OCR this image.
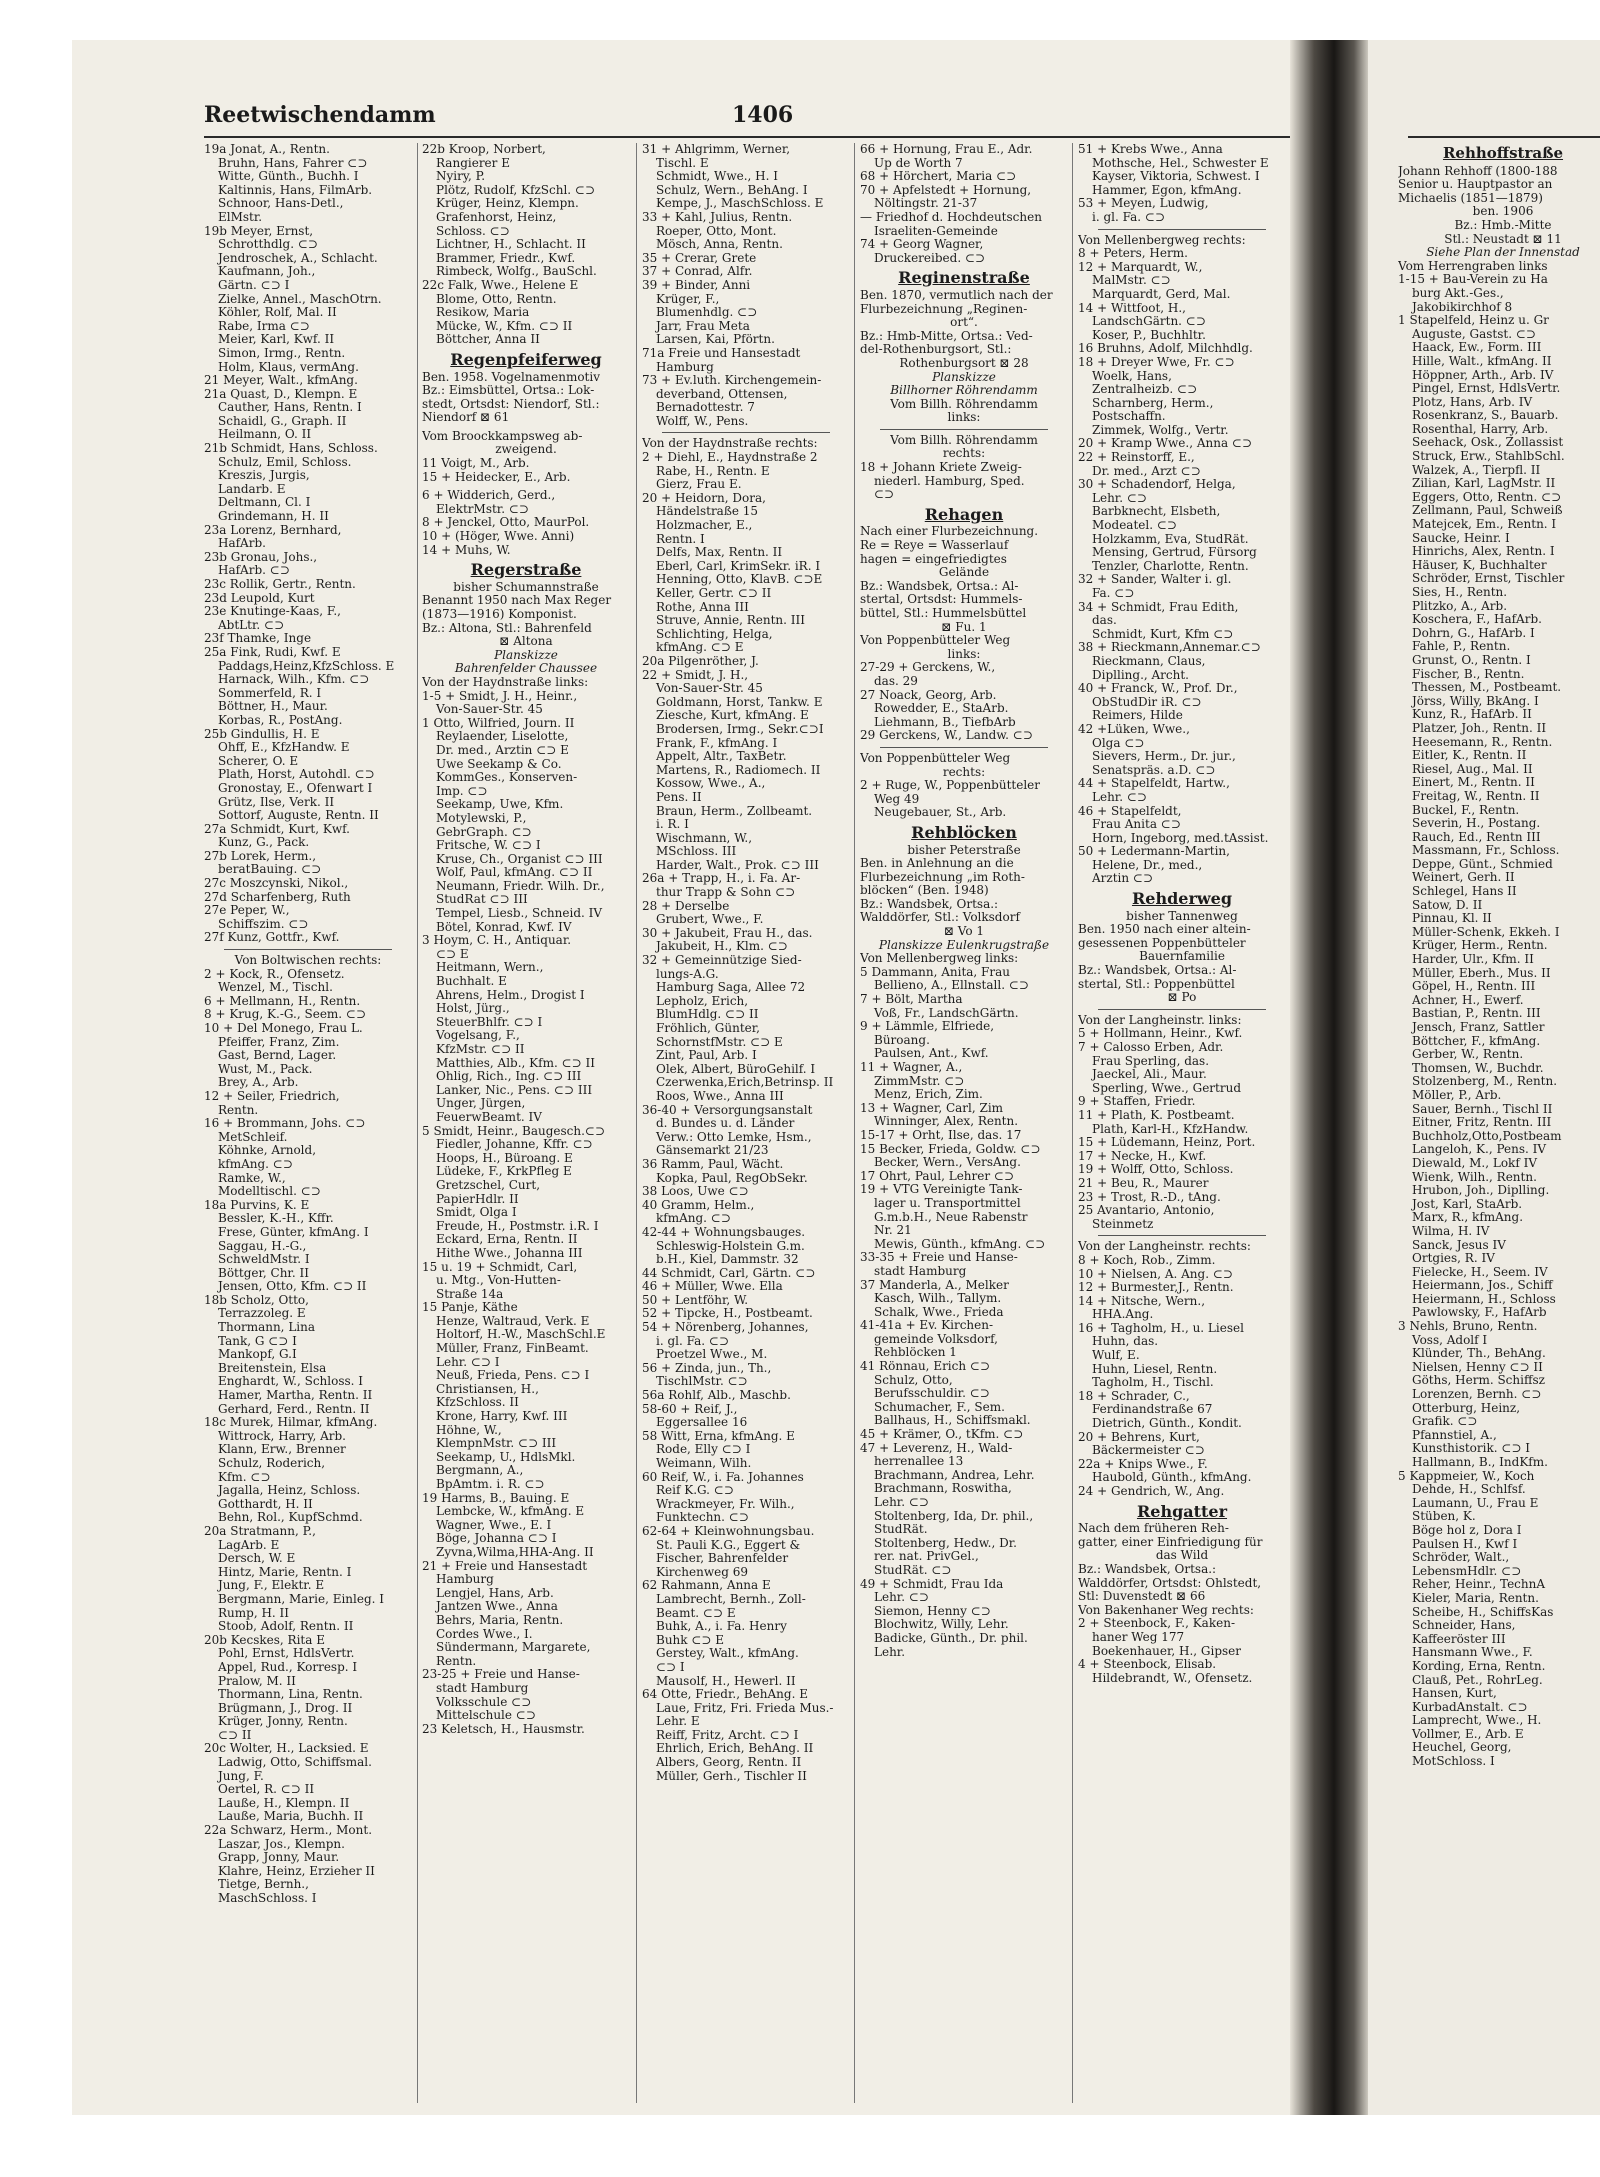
Reetwischendamm	1406
19a Jonat, A., Rentn.
Bruhn, Hans, Fahrer ⊂⊃
Witte, Günth., Buchh. I
Kaltinnis, Hans, FilmArb.
Schnoor, Hans-Detl.,
ElMstr.
19b Meyer, Ernst,
Schrotthdlg. ⊂⊃
Jendroschek, A., Schlacht.
Kaufmann, Joh.,
Gärtn. ⊂⊃ I
Zielke, Annel., MaschOtrn.
Köhler, Rolf, Mal. II
Rabe, Irma ⊂⊃
Meier, Karl, Kwf. II
Simon, Irmg., Rentn.
Holm, Klaus, vermAng.
21 Meyer, Walt., kfmAng.
21a Quast, D., Klempn. E
Cauther, Hans, Rentn. I
Schaidl, G., Graph. II
Heilmann, O. II
21b Schmidt, Hans, Schloss.
Schulz, Emil, Schloss.
Kreszis, Jurgis,
Landarb. E
Deltmann, Cl. I
Grindemann, H. II
23a Lorenz, Bernhard,
HafArb.
23b Gronau, Johs.,
HafArb. ⊂⊃
23c Rollik, Gertr., Rentn.
23d Leupold, Kurt
23e Knutinge-Kaas, F.,
AbtLtr. ⊂⊃
23f Thamke, Inge
25a Fink, Rudi, Kwf. E
Paddags,Heinz,KfzSchloss. E
Harnack, Wilh., Kfm. ⊂⊃
Sommerfeld, R. I
Böttner, H., Maur.
Korbas, R., PostAng.
25b Gindullis, H. E
Ohff, E., KfzHandw. E
Scherer, O. E
Plath, Horst, Autohdl. ⊂⊃
Gronostay, E., Ofenwart I
Grütz, Ilse, Verk. II
Sottorf, Auguste, Rentn. II
27a Schmidt, Kurt, Kwf.
Kunz, G., Pack.
27b Lorek, Herm.,
beratBauing. ⊂⊃
27c Moszcynski, Nikol.,
27d Scharfenberg, Ruth
27e Peper, W.,
Schiffszim. ⊂⊃
27f Kunz, Gottfr., Kwf.
Von Boltwischen rechts:
2 + Kock, R., Ofensetz.
Wenzel, M., Tischl.
6 + Mellmann, H., Rentn.
8 + Krug, K.-G., Seem. ⊂⊃
10 + Del Monego, Frau L.
Pfeiffer, Franz, Zim.
Gast, Bernd, Lager.
Wust, M., Pack.
Brey, A., Arb.
12 + Seiler, Friedrich,
Rentn.
16 + Brommann, Johs. ⊂⊃
MetSchleif.
Köhnke, Arnold,
kfmAng. ⊂⊃
Ramke, W.,
Modelltischl. ⊂⊃
18a Purvins, K. E
Bessler, K.-H., Kffr.
Frese, Günter, kfmAng. I
Saggau, H.-G.,
SchweldMstr. I
Böttger, Chr. II
Jensen, Otto, Kfm. ⊂⊃ II
18b Scholz, Otto,
Terrazzoleg. E
Thormann, Lina
Tank, G ⊂⊃ I
Mankopf, G.I
Breitenstein, Elsa
Enghardt, W., Schloss. I
Hamer, Martha, Rentn. II
Gerhard, Ferd., Rentn. II
18c Murek, Hilmar, kfmAng.
Wittrock, Harry, Arb.
Klann, Erw., Brenner
Schulz, Roderich,
Kfm. ⊂⊃
Jagalla, Heinz, Schloss.
Gotthardt, H. II
Behn, Rol., KupfSchmd.
20a Stratmann, P.,
LagArb. E
Dersch, W. E
Hintz, Marie, Rentn. I
Jung, F., Elektr. E
Bergmann, Marie, Einleg. I
Rump, H. II
Stoob, Adolf, Rentn. II
20b Kecskes, Rita E
Pohl, Ernst, HdlsVertr.
Appel, Rud., Korresp. I
Pralow, M. II
Thormann, Lina, Rentn.
Brügmann, J., Drog. II
Krüger, Jonny, Rentn.
⊂⊃ II
20c Wolter, H., Lacksied. E
Ladwig, Otto, Schiffsmal.
Jung, F.
Oertel, R. ⊂⊃ II
Lauße, H., Klempn. II
Lauße, Maria, Buchh. II
22a Schwarz, Herm., Mont.
Laszar, Jos., Klempn.
Grapp, Jonny, Maur.
Klahre, Heinz, Erzieher II
Tietge, Bernh.,
MaschSchloss. I
22b Kroop, Norbert,
Rangierer E
Nyiry, P.
Plötz, Rudolf, KfzSchl. ⊂⊃
Krüger, Heinz, Klempn.
Grafenhorst, Heinz,
Schloss. ⊂⊃
Lichtner, H., Schlacht. II
Brammer, Friedr., Kwf.
Rimbeck, Wolfg., BauSchl.
22c Falk, Wwe., Helene E
Blome, Otto, Rentn.
Resikow, Maria
Mücke, W., Kfm. ⊂⊃ II
Böttcher, Anna II
Regenpfeiferweg
Ben. 1958. Vogelnamenmotiv
Bz.: Eimsbüttel, Ortsa.: Lok-
stedt, Ortsdst: Niendorf, Stl.:
Niendorf ⊠ 61
Vom Broockkampsweg ab-
zweigend.
11 Voigt, M., Arb.
15 + Heidecker, E., Arb.
6 + Widderich, Gerd.,
ElektrMstr. ⊂⊃
8 + Jenckel, Otto, MaurPol.
10 + (Höger, Wwe. Anni)
14 + Muhs, W.
Regerstraße
bisher Schumannstraße
Benannt 1950 nach Max Reger
(1873—1916) Komponist.
Bz.: Altona, Stl.: Bahrenfeld
⊠ Altona
Planskizze
Bahrenfelder Chaussee
Von der Haydnstraße links:
1-5 + Smidt, J. H., Heinr.,
Von-Sauer-Str. 45
1 Otto, Wilfried, Journ. II
Reylaender, Liselotte,
Dr. med., Ärztin ⊂⊃ E
Uwe Seekamp & Co.
KommGes., Konserven-
Imp. ⊂⊃
Seekamp, Uwe, Kfm.
Motylewski, P.,
GebrGraph. ⊂⊃
Fritsche, W. ⊂⊃ I
Kruse, Ch., Organist ⊂⊃ III
Wolf, Paul, kfmAng. ⊂⊃ II
Neumann, Friedr. Wilh. Dr.,
StudRat ⊂⊃ III
Tempel, Liesb., Schneid. IV
Bötel, Konrad, Kwf. IV
3 Hoym, C. H., Antiquar.
⊂⊃ E
Heitmann, Wern.,
Buchhalt. E
Ahrens, Helm., Drogist I
Holst, Jürg.,
SteuerBhlfr. ⊂⊃ I
Vogelsang, F.,
KfzMstr. ⊂⊃ II
Matthies, Alb., Kfm. ⊂⊃ II
Ohlig, Rich., Ing. ⊂⊃ III
Lanker, Nic., Pens. ⊂⊃ III
Unger, Jürgen,
FeuerwBeamt. IV
5 Smidt, Heinr., Baugesch.⊂⊃
Fiedler, Johanne, Kffr. ⊂⊃
Hoops, H., Büroang. E
Lüdeke, F., KrkPfleg E
Gretzschel, Curt,
PapierHdlr. II
Smidt, Olga I
Freude, H., Postmstr. i.R. I
Eckard, Erna, Rentn. II
Hithe Wwe., Johanna III
15 u. 19 + Schmidt, Carl,
u. Mtg., Von-Hutten-
Straße 14a
15 Panje, Käthe
Henze, Waltraud, Verk. E
Holtorf, H.-W., MaschSchl.E
Müller, Franz, FinBeamt.
Lehr. ⊂⊃ I
Neuß, Frieda, Pens. ⊂⊃ I
Christiansen, H.,
KfzSchloss. II
Krone, Harry, Kwf. III
Höhne, W.,
KlempnMstr. ⊂⊃ III
Seekamp, U., HdlsMkl.
Bergmann, A.,
BpAmtm. i. R. ⊂⊃
19 Harms, B., Bauing. E
Lembcke, W., kfmAng. E
Wagner, Wwe., E. I
Böge, Johanna ⊂⊃ I
Zyvna,Wilma,HHA-Ang. II
21 + Freie und Hansestadt
Hamburg
Lengjel, Hans, Arb.
Jantzen Wwe., Anna
Behrs, Maria, Rentn.
Cordes Wwe., I.
Sündermann, Margarete,
Rentn.
23-25 + Freie und Hanse-
stadt Hamburg
Volksschule ⊂⊃
Mittelschule ⊂⊃
23 Keletsch, H., Hausmstr.
31 + Ahlgrimm, Werner,
Tischl. E
Schmidt, Wwe., H. I
Schulz, Wern., BehAng. I
Kempe, J., MaschSchloss. E
33 + Kahl, Julius, Rentn.
Roeper, Otto, Mont.
Mösch, Anna, Rentn.
35 + Crerar, Grete
37 + Conrad, Alfr.
39 + Binder, Anni
Krüger, F.,
Blumenhdlg. ⊂⊃
Jarr, Frau Meta
Larsen, Kai, Pförtn.
71a Freie und Hansestadt
Hamburg
73 + Ev.luth. Kirchengemein-
deverband, Ottensen,
Bernadottestr. 7
Wolff, W., Pens.
Von der Haydnstraße rechts:
2 + Diehl, E., Haydnstraße 2
Rabe, H., Rentn. E
Gierz, Frau E.
20 + Heidorn, Dora,
Händelstraße 15
Holzmacher, E.,
Rentn. I
Delfs, Max, Rentn. II
Eberl, Carl, KrimSekr. iR. I
Henning, Otto, KlavB. ⊂⊃E
Keller, Gertr. ⊂⊃ II
Rothe, Anna III
Struve, Annie, Rentn. III
Schlichting, Helga,
kfmAng. ⊂⊃ E
20a Pilgenröther, J.
22 + Smidt, J. H.,
Von-Sauer-Str. 45
Goldmann, Horst, Tankw. E
Ziesche, Kurt, kfmAng. E
Brodersen, Irmg., Sekr.⊂⊃I
Frank, F., kfmAng. I
Appelt, Altr., TaxBetr.
Martens, R., Radiomech. II
Kossow, Wwe., A.,
Pens. II
Braun, Herm., Zollbeamt.
i. R. I
Wischmann, W.,
MSchloss. III
Harder, Walt., Prok. ⊂⊃ III
26a + Trapp, H., i. Fa. Ar-
thur Trapp & Sohn ⊂⊃
28 + Derselbe
Grubert, Wwe., F.
30 + Jakubeit, Frau H., das.
Jakubeit, H., Klm. ⊂⊃
32 + Gemeinnützige Sied-
lungs-A.G.
Hamburg Saga, Allee 72
Lepholz, Erich,
BlumHdlg. ⊂⊃ II
Fröhlich, Günter,
SchornstfMstr. ⊂⊃ E
Zint, Paul, Arb. I
Olek, Albert, BüroGehilf. I
Czerwenka,Erich,Betrinsp. II
Roos, Wwe., Anna III
36-40 + Versorgungsanstalt
d. Bundes u. d. Länder
Verw.: Otto Lemke, Hsm.,
Gänsemarkt 21/23
36 Ramm, Paul, Wächt.
Kopka, Paul, RegObSekr.
38 Loos, Uwe ⊂⊃
40 Gramm, Helm.,
kfmAng. ⊂⊃
42-44 + Wohnungsbauges.
Schleswig-Holstein G.m.
b.H., Kiel, Dammstr. 32
44 Schmidt, Carl, Gärtn. ⊂⊃
46 + Müller, Wwe. Ella
50 + Lentföhr, W.
52 + Tipcke, H., Postbeamt.
54 + Nörenberg, Johannes,
i. gl. Fa. ⊂⊃
Proetzel Wwe., M.
56 + Zinda, jun., Th.,
TischlMstr. ⊂⊃
56a Rohlf, Alb., Maschb.
58-60 + Reif, J.,
Eggersallee 16
58 Witt, Erna, kfmAng. E
Rode, Elly ⊂⊃ I
Weimann, Wilh.
60 Reif, W., i. Fa. Johannes
Reif K.G. ⊂⊃
Wrackmeyer, Fr. Wilh.,
Funktechn. ⊂⊃
62-64 + Kleinwohnungsbau.
St. Pauli K.G., Eggert &
Fischer, Bahrenfelder
Kirchenweg 69
62 Rahmann, Anna E
Lambrecht, Bernh., Zoll-
Beamt. ⊂⊃ E
Buhk, A., i. Fa. Henry
Buhk ⊂⊃ E
Gerstey, Walt., kfmAng.
⊂⊃ I
Mausolf, H., Hewerl. II
64 Otte, Friedr., BehAng. E
Laue, Fritz, Fri. Frieda Mus.-
Lehr. E
Reiff, Fritz, Archt. ⊂⊃ I
Ehrlich, Erich, BehAng. II
Albers, Georg, Rentn. II
Müller, Gerh., Tischler II
66 + Hornung, Frau E., Adr.
Up de Worth 7
68 + Hörchert, Maria ⊂⊃
70 + Apfelstedt + Hornung,
Nöltingstr. 21-37
— Friedhof d. Hochdeutschen
Israeliten-Gemeinde
74 + Georg Wagner,
Druckereibed. ⊂⊃
Reginenstraße
Ben. 1870, vermutlich nach der
Flurbezeichnung „Reginen-
ort“.
Bz.: Hmb-Mitte, Ortsa.: Ved-
del-Rothenburgsort, Stl.:
Rothenburgsort ⊠ 28
Planskizze
Billhorner Röhrendamm
Vom Billh. Röhrendamm
links:
Vom Billh. Röhrendamm
rechts:
18 + Johann Kriete Zweig-
niederl. Hamburg, Sped.
⊂⊃
Rehagen
Nach einer Flurbezeichnung.
Re = Reye = Wasserlauf
hagen = eingefriedigtes
Gelände
Bz.: Wandsbek, Ortsa.: Al-
stertal, Ortsdst: Hummels-
büttel, Stl.: Hummelsbüttel
⊠ Fu. 1
Von Poppenbütteler Weg
links:
27-29 + Gerckens, W.,
das. 29
27 Noack, Georg, Arb.
Rowedder, E., StaArb.
Liehmann, B., TiefbArb
29 Gerckens, W., Landw. ⊂⊃
Von Poppenbütteler Weg
rechts:
2 + Ruge, W., Poppenbütteler
Weg 49
Neugebauer, St., Arb.
Rehblöcken
bisher Peterstraße
Ben. in Anlehnung an die
Flurbezeichnung „im Roth-
blöcken“ (Ben. 1948)
Bz.: Wandsbek, Ortsa.:
Walddörfer, Stl.: Volksdorf
⊠ Vo 1
Planskizze Eulenkrugstraße
Von Mellenbergweg links:
5 Dammann, Anita, Frau
Bellieno, A., Ellnstall. ⊂⊃
7 + Bölt, Martha
Voß, Fr., LandschGärtn.
9 + Lämmle, Elfriede,
Büroang.
Paulsen, Ant., Kwf.
11 + Wagner, A.,
ZimmMstr. ⊂⊃
Menz, Erich, Zim.
13 + Wagner, Carl, Zim
Winninger, Alex, Rentn.
15-17 + Orht, Ilse, das. 17
15 Becker, Frieda, Goldw. ⊂⊃
Becker, Wern., VersAng.
17 Ohrt, Paul, Lehrer ⊂⊃
19 + VTG Vereinigte Tank-
lager u. Transportmittel
G.m.b.H., Neue Rabenstr
Nr. 21
Mewis, Günth., kfmAng. ⊂⊃
33-35 + Freie und Hanse-
stadt Hamburg
37 Manderla, A., Melker
Kasch, Wilh., Tallym.
Schalk, Wwe., Frieda
41-41a + Ev. Kirchen-
gemeinde Volksdorf,
Rehblöcken 1
41 Rönnau, Erich ⊂⊃
Schulz, Otto,
Berufsschuldir. ⊂⊃
Schumacher, F., Sem.
Ballhaus, H., Schiffsmakl.
45 + Krämer, O., tKfm. ⊂⊃
47 + Leverenz, H., Wald-
herrenallee 13
Brachmann, Andrea, Lehr.
Brachmann, Roswitha,
Lehr. ⊂⊃
Stoltenberg, Ida, Dr. phil.,
StudRät.
Stoltenberg, Hedw., Dr.
rer. nat. PrivGel.,
StudRät. ⊂⊃
49 + Schmidt, Frau Ida
Lehr. ⊂⊃
Siemon, Henny ⊂⊃
Blochwitz, Willy, Lehr.
Badicke, Günth., Dr. phil.
Lehr.
51 + Krebs Wwe., Anna
Mothsche, Hel., Schwester E
Kayser, Viktoria, Schwest. I
Hammer, Egon, kfmAng.
53 + Meyen, Ludwig,
i. gl. Fa. ⊂⊃
Von Mellenbergweg rechts:
8 + Peters, Herm.
12 + Marquardt, W.,
MalMstr. ⊂⊃
Marquardt, Gerd, Mal.
14 + Wittfoot, H.,
LandschGärtn. ⊂⊃
Koser, P., Buchhltr.
16 Bruhns, Adolf, Milchhdlg.
18 + Dreyer Wwe, Fr. ⊂⊃
Woelk, Hans,
Zentralheizb. ⊂⊃
Scharnberg, Herm.,
Postschaffn.
Zimmek, Wolfg., Vertr.
20 + Kramp Wwe., Anna ⊂⊃
22 + Reinstorff, E.,
Dr. med., Arzt ⊂⊃
30 + Schadendorf, Helga,
Lehr. ⊂⊃
Barbknecht, Elsbeth,
Modeatel. ⊂⊃
Holzkamm, Eva, StudRät.
Mensing, Gertrud, Fürsorg
Tenzler, Charlotte, Rentn.
32 + Sander, Walter i. gl.
Fa. ⊂⊃
34 + Schmidt, Frau Edith,
das.
Schmidt, Kurt, Kfm ⊂⊃
38 + Rieckmann,Annemar.⊂⊃
Rieckmann, Claus,
Diplling., Archt.
40 + Franck, W., Prof. Dr.,
ObStudDir iR. ⊂⊃
Reimers, Hilde
42 +Lüken, Wwe.,
Olga ⊂⊃
Sievers, Herm., Dr. jur.,
Senatspräs. a.D. ⊂⊃
44 + Stapelfeldt, Hartw.,
Lehr. ⊂⊃
46 + Stapelfeldt,
Frau Anita ⊂⊃
Horn, Ingeborg, med.tAssist.
50 + Ledermann-Martin,
Helene, Dr., med.,
Ärztin ⊂⊃
Rehderweg
bisher Tannenweg
Ben. 1950 nach einer altein-
gesessenen Poppenbütteler
Bauernfamilie
Bz.: Wandsbek, Ortsa.: Al-
stertal, Stl.: Poppenbüttel
⊠ Po
Von der Langheinstr. links:
5 + Hollmann, Heinr., Kwf.
7 + Calosso Erben, Adr.
Frau Sperling, das.
Jaeckel, Ali., Maur.
Sperling, Wwe., Gertrud
9 + Staffen, Friedr.
11 + Plath, K. Postbeamt.
Plath, Karl-H., KfzHandw.
15 + Lüdemann, Heinz, Port.
17 + Necke, H., Kwf.
19 + Wolff, Otto, Schloss.
21 + Beu, R., Maurer
23 + Trost, R.-D., tAng.
25 Avantario, Antonio,
Steinmetz
Von der Langheinstr. rechts:
8 + Koch, Rob., Zimm.
10 + Nielsen, A. Ang. ⊂⊃
12 + Burmester,J., Rentn.
14 + Nitsche, Wern.,
HHA.Ang.
16 + Tagholm, H., u. Liesel
Huhn, das.
Wulf, E.
Huhn, Liesel, Rentn.
Tagholm, H., Tischl.
18 + Schrader, C.,
Ferdinandstraße 67
Dietrich, Günth., Kondit.
20 + Behrens, Kurt,
Bäckermeister ⊂⊃
22a + Knips Wwe., F.
Haubold, Günth., kfmAng.
24 + Gendrich, W., Ang.
Rehgatter
Nach dem früheren Reh-
gatter, einer Einfriedigung für
das Wild
Bz.: Wandsbek, Ortsa.:
Walddörfer, Ortsdst: Ohlstedt,
Stl: Duvenstedt ⊠ 66
Von Bakenhaner Weg rechts:
2 + Steenbock, F., Kaken-
haner Weg 177
Boekenhauer, H., Gipser
4 + Steenbock, Elisab.
Hildebrandt, W., Ofensetz.
Rehhoffstraße
Johann Rehhoff (1800-188
Senior u. Hauptpastor an
Michaelis (1851—1879)
ben. 1906
Bz.: Hmb.-Mitte
Stl.: Neustadt ⊠ 11
Siehe Plan der Innenstad
Vom Herrengraben links
1-15 + Bau-Verein zu Ha
burg Akt.-Ges.,
Jakobikirchhof 8
1 Stapelfeld, Heinz u. Gr
Auguste, Gastst. ⊂⊃
Haack, Ew., Form. III
Hille, Walt., kfmAng. II
Höppner, Arth., Arb. IV
Pingel, Ernst, HdlsVertr.
Plotz, Hans, Arb. IV
Rosenkranz, S., Bauarb.
Rosenthal, Harry, Arb.
Seehack, Osk., Zollassist
Struck, Erw., StahlbSchl.
Walzek, A., Tierpfl. II
Zilian, Karl, LagMstr. II
Eggers, Otto, Rentn. ⊂⊃
Zellmann, Paul, Schweiß
Matejcek, Em., Rentn. I
Saucke, Heinr. I
Hinrichs, Alex, Rentn. I
Häuser, K, Buchhalter
Schröder, Ernst, Tischler
Sies, H., Rentn.
Plitzko, A., Arb.
Koschera, F., HafArb.
Dohrn, G., HafArb. I
Fahle, P., Rentn.
Grunst, O., Rentn. I
Fischer, B., Rentn.
Thessen, M., Postbeamt.
Jörss, Willy, BkAng. I
Kunz, R., HafArb. II
Platzer, Joh., Rentn. II
Heesemann, R., Rentn.
Eitler, K., Rentn. II
Riesel, Aug., Mal. II
Einert, M., Rentn. II
Freitag, W., Rentn. II
Buckel, F., Rentn.
Severin, H., Postang.
Rauch, Ed., Rentn III
Massmann, Fr., Schloss.
Deppe, Günt., Schmied
Weinert, Gerh. II
Schlegel, Hans II
Satow, D. II
Pinnau, Kl. II
Müller-Schenk, Ekkeh. I
Krüger, Herm., Rentn.
Harder, Ulr., Kfm. II
Müller, Eberh., Mus. II
Göpel, H., Rentn. III
Achner, H., Ewerf.
Bastian, P., Rentn. III
Jensch, Franz, Sattler
Böttcher, F., kfmAng.
Gerber, W., Rentn.
Thomsen, W., Buchdr.
Stolzenberg, M., Rentn.
Möller, P., Arb.
Sauer, Bernh., Tischl II
Eitner, Fritz, Rentn. III
Buchholz,Otto,Postbeam
Langeloh, K., Pens. IV
Diewald, M., Lokf IV
Wienk, Wilh., Rentn.
Hrubon, Joh., Diplling.
Jost, Karl, StaArb.
Marx, R., kfmAng.
Wilma, H. IV
Sanck, Jesus IV
Ortgies, R. IV
Fielecke, H., Seem. IV
Heiermann, Jos., Schiff
Heiermann, H., Schloss
Pawlowsky, F., HafArb
3 Nehls, Bruno, Rentn.
Voss, Adolf I
Klünder, Th., BehAng.
Nielsen, Henny ⊂⊃ II
Göths, Herm. Schiffsz
Lorenzen, Bernh. ⊂⊃
Otterburg, Heinz,
Grafik. ⊂⊃
Pfannstiel, A.,
Kunsthistorik. ⊂⊃ I
Hallmann, B., IndKfm.
5 Kappmeier, W., Koch
Dehde, H., Schlfsf.
Laumann, U., Frau E
Stüben, K.
Böge hol z, Dora I
Paulsen H., Kwf I
Schröder, Walt.,
LebensmHdlr. ⊂⊃
Reher, Heinr., TechnA
Kieler, Maria, Rentn.
Scheibe, H., SchiffsKas
Schneider, Hans,
Kaffeeröster III
Hansmann Wwe., F.
Kording, Erna, Rentn.
Clauß, Pet., RohrLeg.
Hansen, Kurt,
KurbadAnstalt. ⊂⊃
Lamprecht, Wwe., H.
Vollmer, E., Arb. E
Heuchel, Georg,
MotSchloss. I
